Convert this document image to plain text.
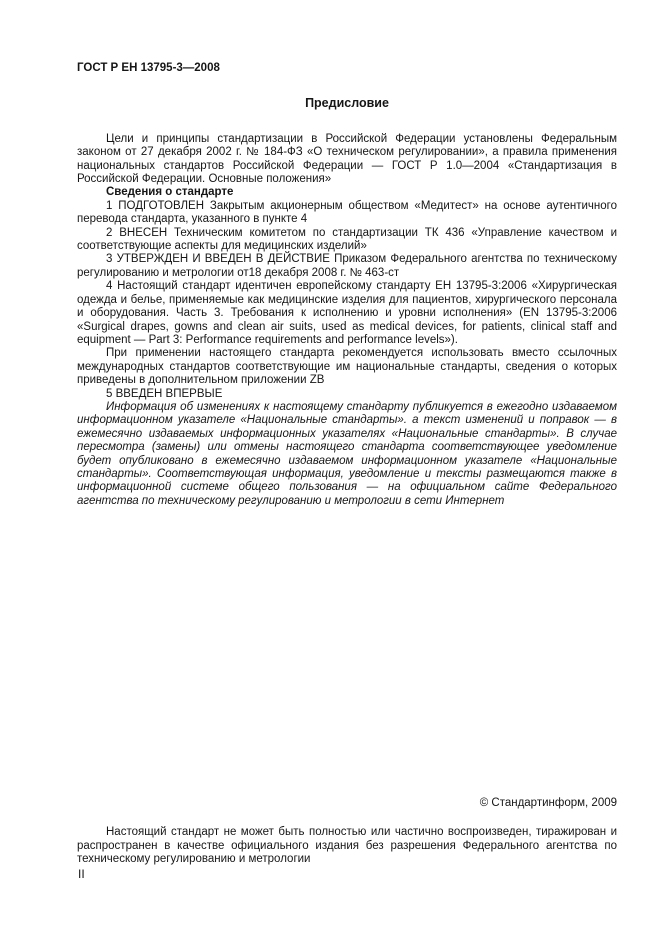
ГОСТ Р ЕН 13795-3—2008
Предисловие

Цели и принципы стандартизации в Российской Федерации установлены Федеральным законом от 27 декабря 2002 г. № 184-ФЗ «О техническом регулировании», а правила применения национальных стандартов Российской Федерации — ГОСТ Р 1.0—2004 «Стандартизация в Российской Федерации. Основные положения»

Сведения о стандарте

1 ПОДГОТОВЛЕН Закрытым акционерным обществом «Медитест» на основе аутентичного перевода стандарта, указанного в пункте 4

2 ВНЕСЕН Техническим комитетом по стандартизации ТК 436 «Управление качеством и соответствующие аспекты для медицинских изделий»

3 УТВЕРЖДЕН И ВВЕДЕН В ДЕЙСТВИЕ Приказом Федерального агентства по техническому регулированию и метрологии от18 декабря 2008 г. № 463-ст

4 Настоящий стандарт идентичен европейскому стандарту ЕН 13795-3:2006 «Хирургическая одежда и белье, применяемые как медицинские изделия для пациентов, хирургического персонала и оборудования. Часть 3. Требования к исполнению и уровни исполнения» (EN 13795-3:2006 «Surgical drapes, gowns and clean air suits, used as medical devices, for patients, clinical staff and equipment — Part 3: Performance requirements and performance levels»).

При применении настоящего стандарта рекомендуется использовать вместо ссылочных международных стандартов соответствующие им национальные стандарты, сведения о которых приведены в дополнительном приложении ZB

5 ВВЕДЕН ВПЕРВЫЕ

Информация об изменениях к настоящему стандарту публикуется в ежегодно издаваемом информационном указателе «Национальные стандарты». а текст изменений и поправок — в ежемесячно издаваемых информационных указателях «Национальные стандарты». В случае пересмотра (замены) или отмены настоящего стандарта соответствующее уведомление будет опубликовано в ежемесячно издаваемом информационном указателе «Национальные стандарты». Соответствующая информация, уведомление и тексты размещаются также в информационной системе общего пользования — на официальном сайте Федерального агентства по техническому регулированию и метрологии в сети Интернет

© Стандартинформ, 2009

Настоящий стандарт не может быть полностью или частично воспроизведен, тиражирован и распространен в качестве официального издания без разрешения Федерального агентства по техническому регулированию и метрологии

II
